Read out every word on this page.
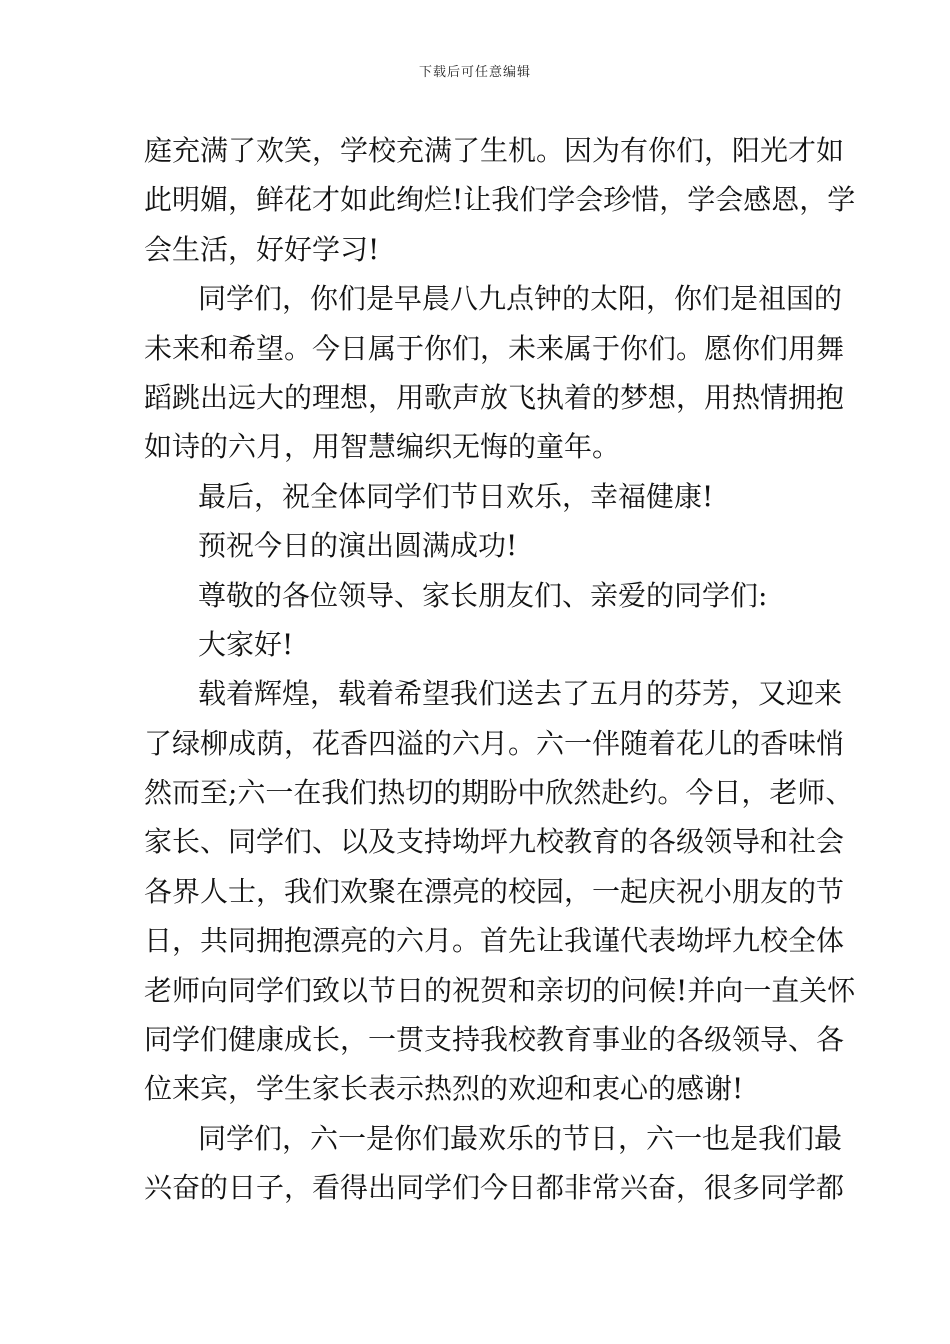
下载后可任意编辑
庭充满了欢笑，学校充满了生机。因为有你们，阳光才如
此明媚，鲜花才如此绚烂!让我们学会珍惜，学会感恩，学
会生活，好好学习!
同学们，你们是早晨八九点钟的太阳，你们是祖国的
未来和希望。今日属于你们，未来属于你们。愿你们用舞
蹈跳出远大的理想，用歌声放飞执着的梦想，用热情拥抱
如诗的六月，用智慧编织无悔的童年。
最后，祝全体同学们节日欢乐，幸福健康!
预祝今日的演出圆满成功!
尊敬的各位领导、家长朋友们、亲爱的同学们:
大家好!
载着辉煌，载着希望我们送去了五月的芬芳，又迎来
了绿柳成荫，花香四溢的六月。六一伴随着花儿的香味悄
然而至;六一在我们热切的期盼中欣然赴约。今日，老师、
家长、同学们、以及支持坳坪九校教育的各级领导和社会
各界人士，我们欢聚在漂亮的校园，一起庆祝小朋友的节
日，共同拥抱漂亮的六月。首先让我谨代表坳坪九校全体
老师向同学们致以节日的祝贺和亲切的问候!并向一直关怀
同学们健康成长，一贯支持我校教育事业的各级领导、各
位来宾，学生家长表示热烈的欢迎和衷心的感谢!
同学们，六一是你们最欢乐的节日，六一也是我们最
兴奋的日子，看得出同学们今日都非常兴奋，很多同学都
